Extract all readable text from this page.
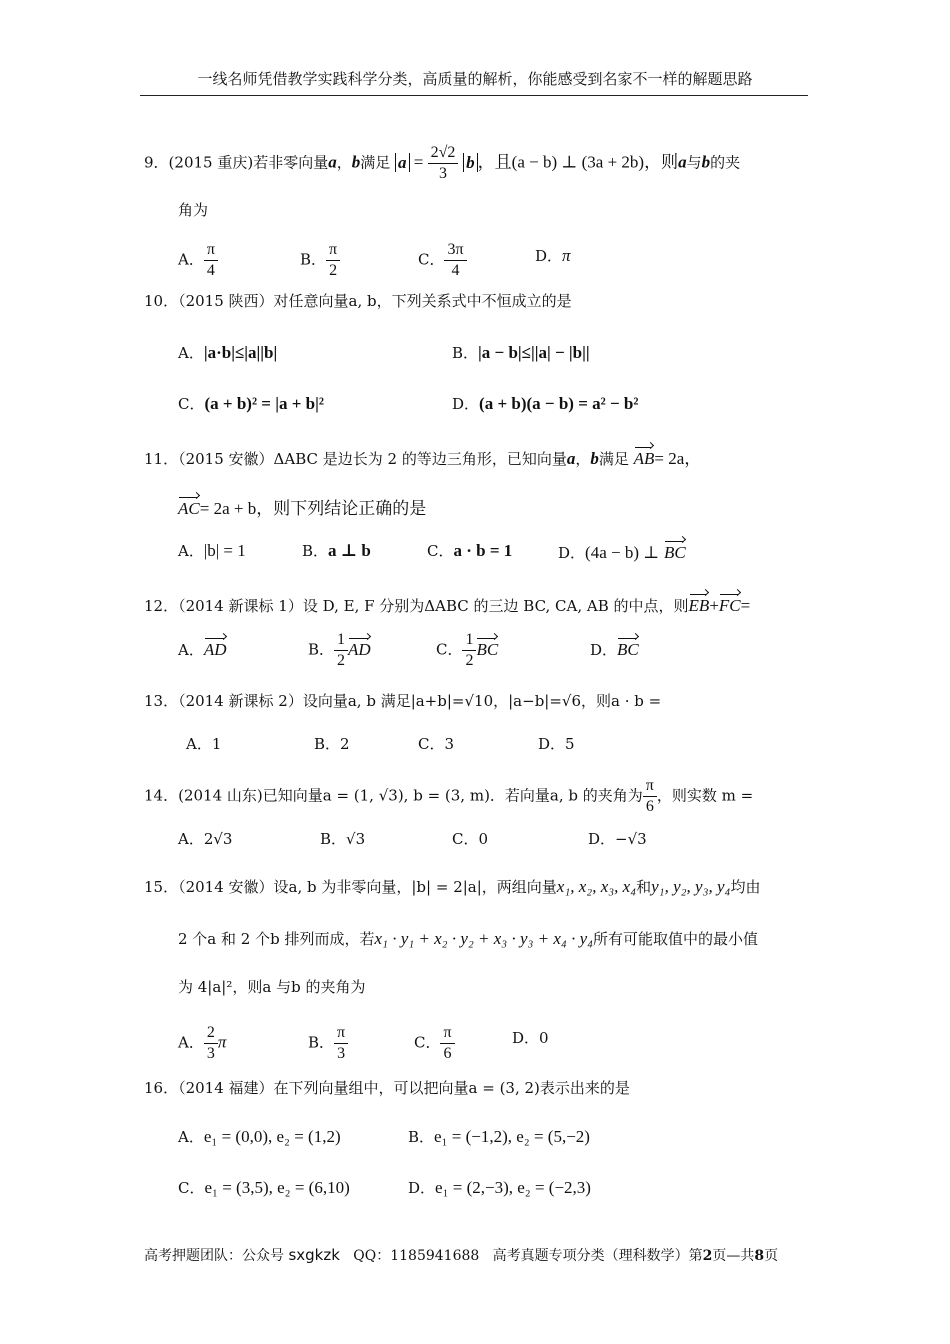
一线名师凭借教学实践科学分类，高质量的解析，你能感受到名家不一样的解题思路
9．(2015 重庆)若非零向量a，b满足 $a = \frac{2√2}{3}$ b ，且(a − b) ⊥ (3a + 2b)，则a与b的夹
角为
A． $\frac{\pi}{4}$	B． $\frac{\pi}{2}$	C． $\frac{3\pi}{4}$	D．π
10．（2015 陕西）对任意向量a, b，下列关系式中不恒成立的是
A．|a·b|≤|a||b|	B．|a − b|≤||a| − |b||
C．(a + b)² = |a + b|²	D．(a + b)(a − b) = a² − b²
11．（2015 安徽）ΔABC 是边长为 2 的等边三角形，已知向量a，b满足 AB= 2a，
AC= 2a + b，则下列结论正确的是
A．|b| = 1	B．a ⊥ b	C．a · b = 1	D．(4a − b) ⊥ BC
12．（2014 新课标 1）设 D, E, F 分别为ΔABC 的三边 BC, CA, AB 的中点，则EB+FC=
A．AD	B． $\frac{1}{2}$ AD	C． $\frac{1}{2}$ BC	D．BC
13．（2014 新课标 2）设向量a, b 满足|a+b|=√10，|a−b|=√6，则a · b =
A．1	B．2	C．3	D．5
14．(2014 山东)已知向量a = (1, √3), b = (3, m)．若向量a, b 的夹角为 $\frac{\pi}{6}$ ，则实数 m =
A．2√3	B．√3	C．0	D．−√3
15．（2014 安徽）设a, b 为非零向量，|b| = 2|a|，两组向量x₁, x₂, x₃, x₄和y₁, y₂, y₃, y₄均由
2 个a 和 2 个b 排列而成，若x₁ · y₁ + x₂ · y₂ + x₃ · y₃ + x₄ · y₄所有可能取值中的最小值
为 4|a|²，则a 与b 的夹角为
A． $\frac{2}{3}$ π	B． $\frac{\pi}{3}$	C． $\frac{\pi}{6}$	D．0
16．（2014 福建）在下列向量组中，可以把向量a = (3, 2)表示出来的是
A．e₁ = (0,0), e₂ = (1,2)	B．e₁ = (−1,2), e₂ = (5,−2)
C．e₁ = (3,5), e₂ = (6,10)	D．e₁ = (2,−3), e₂ = (−2,3)
高考押题团队：公众号 sxgkzk QQ：1185941688 高考真题专项分类（理科数学）第2页—共8页
